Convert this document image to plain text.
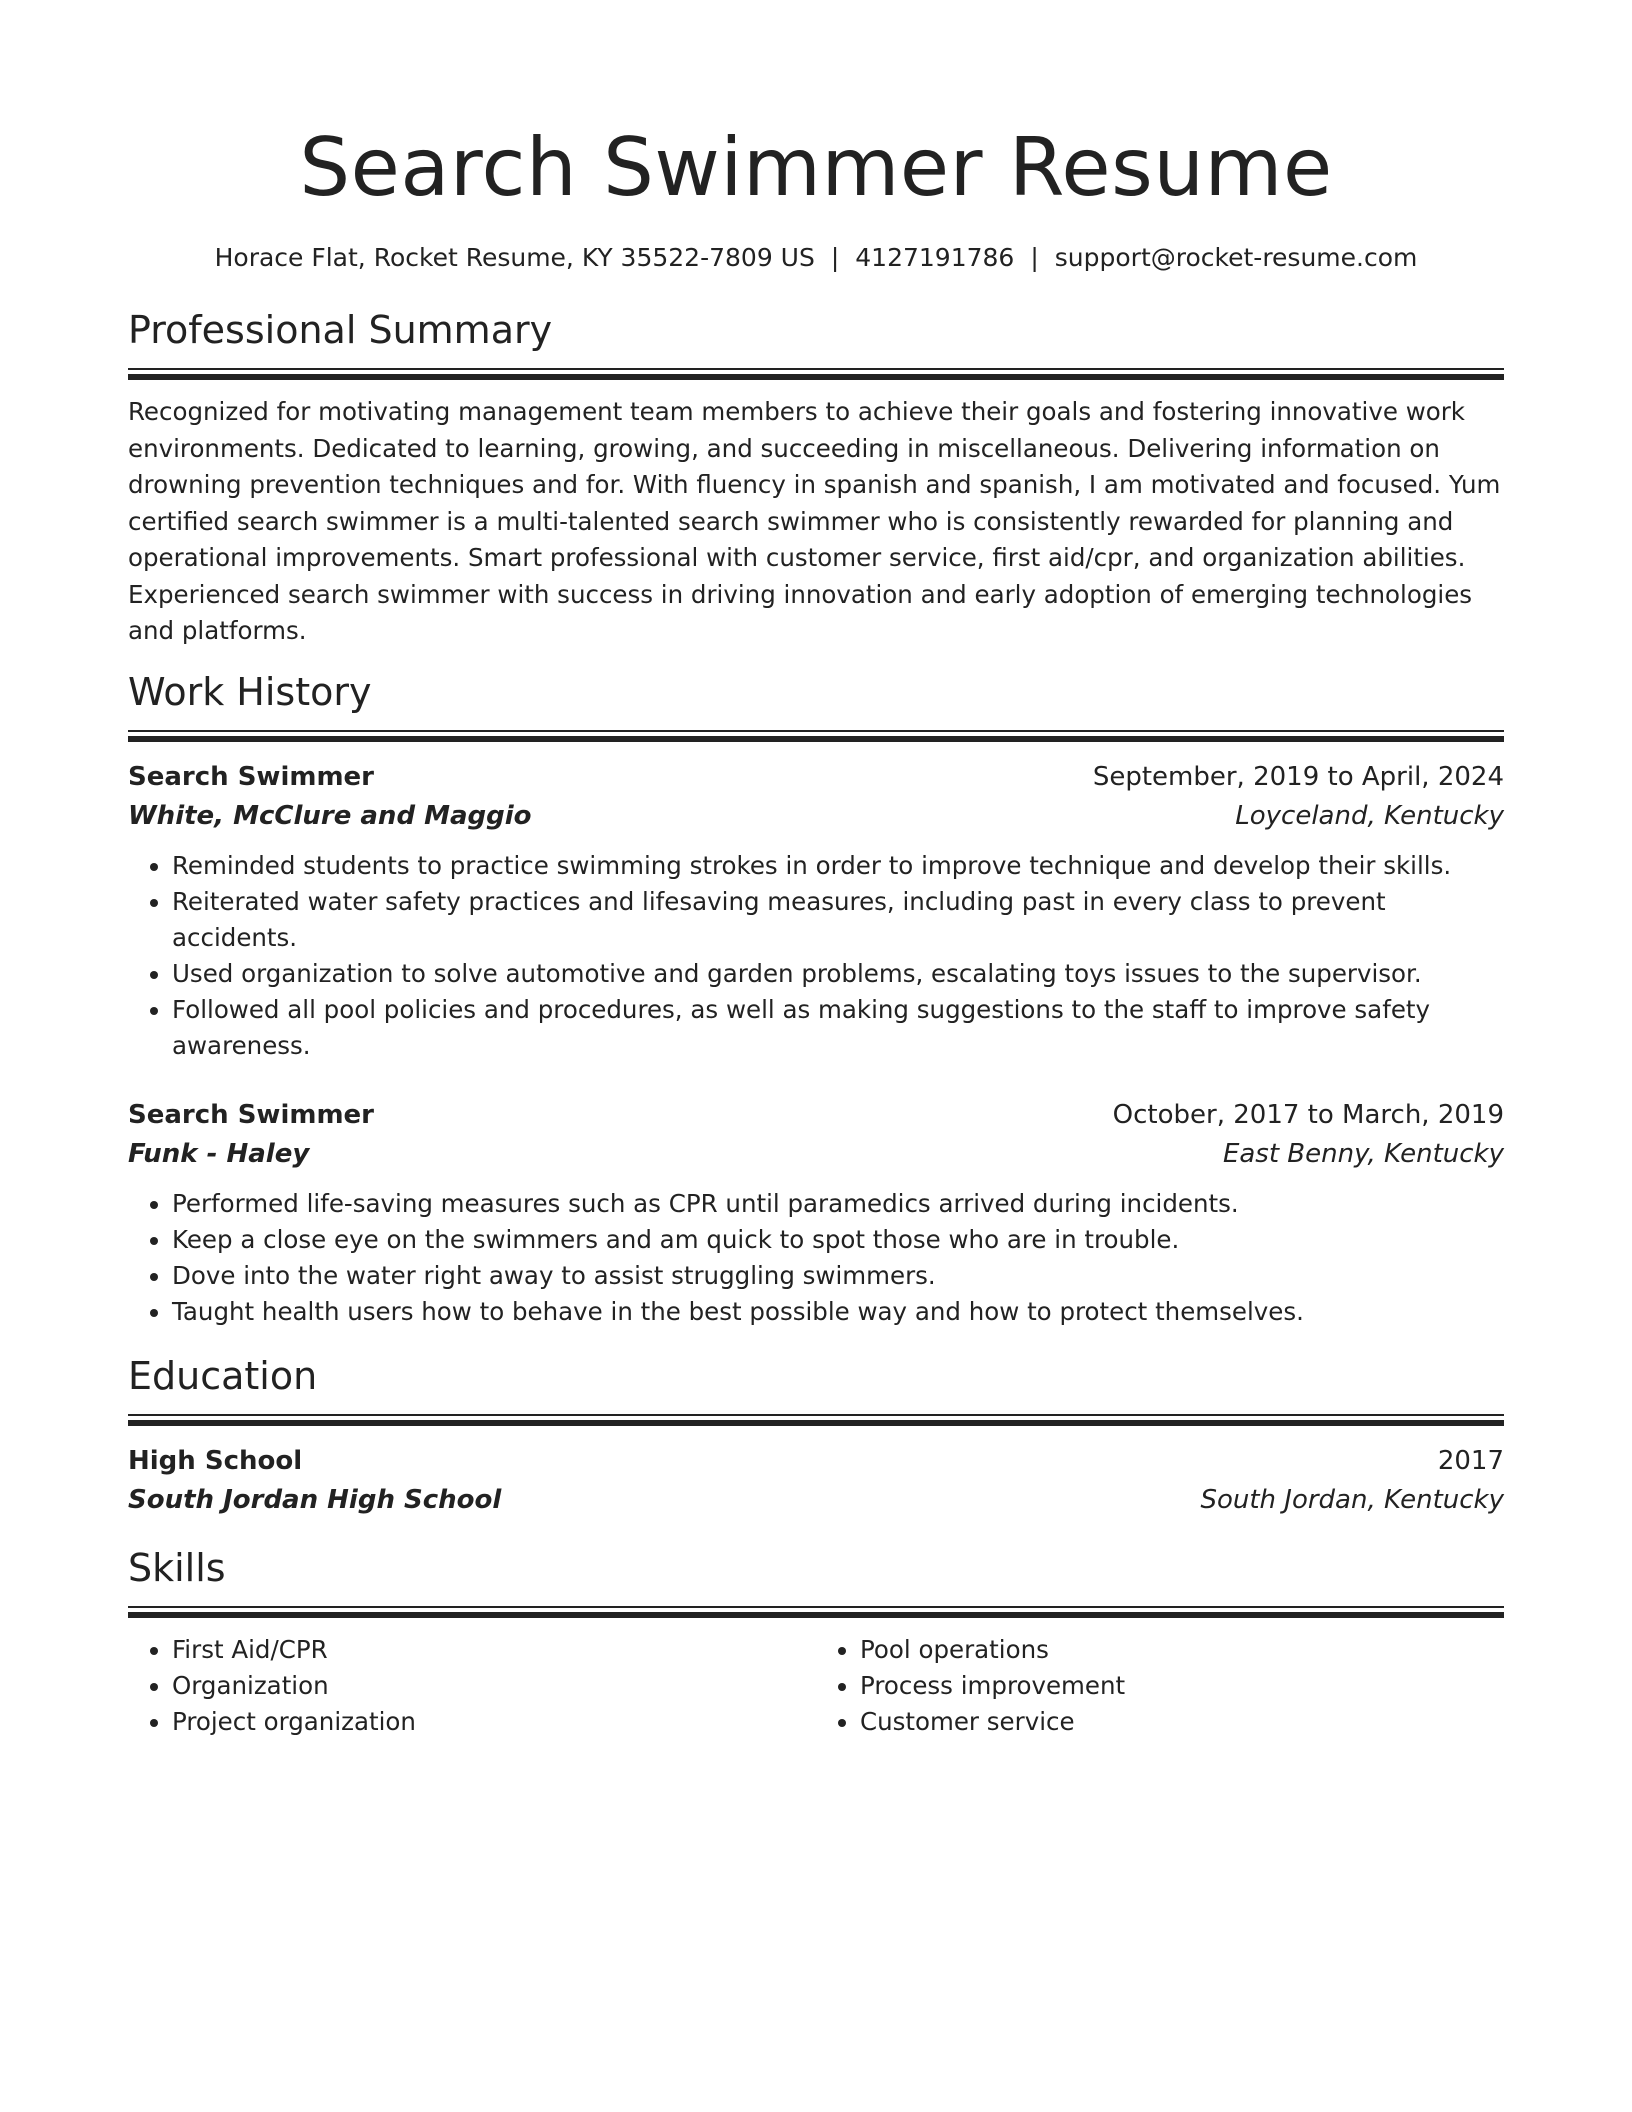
Search Swimmer Resume
Horace Flat, Rocket Resume, KY 35522-7809 US | 4127191786 | support@rocket-resume.com
Professional Summary

Recognized for motivating management team members to achieve their goals and fostering innovative work environments. Dedicated to learning, growing, and succeeding in miscellaneous. Delivering information on drowning prevention techniques and for. With fluency in spanish and spanish, I am motivated and focused. Yum certified search swimmer is a multi-talented search swimmer who is consistently rewarded for planning and operational improvements. Smart professional with customer service, first aid/cpr, and organization abilities. Experienced search swimmer with success in driving innovation and early adoption of emerging technologies and platforms.

Work History
Search Swimmer	September, 2019 to April, 2024
White, McClure and Maggio	Loyceland, Kentucky
• Reminded students to practice swimming strokes in order to improve technique and develop their skills.
• Reiterated water safety practices and lifesaving measures, including past in every class to prevent accidents.
• Used organization to solve automotive and garden problems, escalating toys issues to the supervisor.
• Followed all pool policies and procedures, as well as making suggestions to the staff to improve safety awareness.
Search Swimmer	October, 2017 to March, 2019
Funk - Haley	East Benny, Kentucky
• Performed life-saving measures such as CPR until paramedics arrived during incidents.
• Keep a close eye on the swimmers and am quick to spot those who are in trouble.
• Dove into the water right away to assist struggling swimmers.
• Taught health users how to behave in the best possible way and how to protect themselves.
Education
High School	2017
South Jordan High School	South Jordan, Kentucky
Skills
• First Aid/CPR
• Organization
• Project organization
• Pool operations
• Process improvement
• Customer service
